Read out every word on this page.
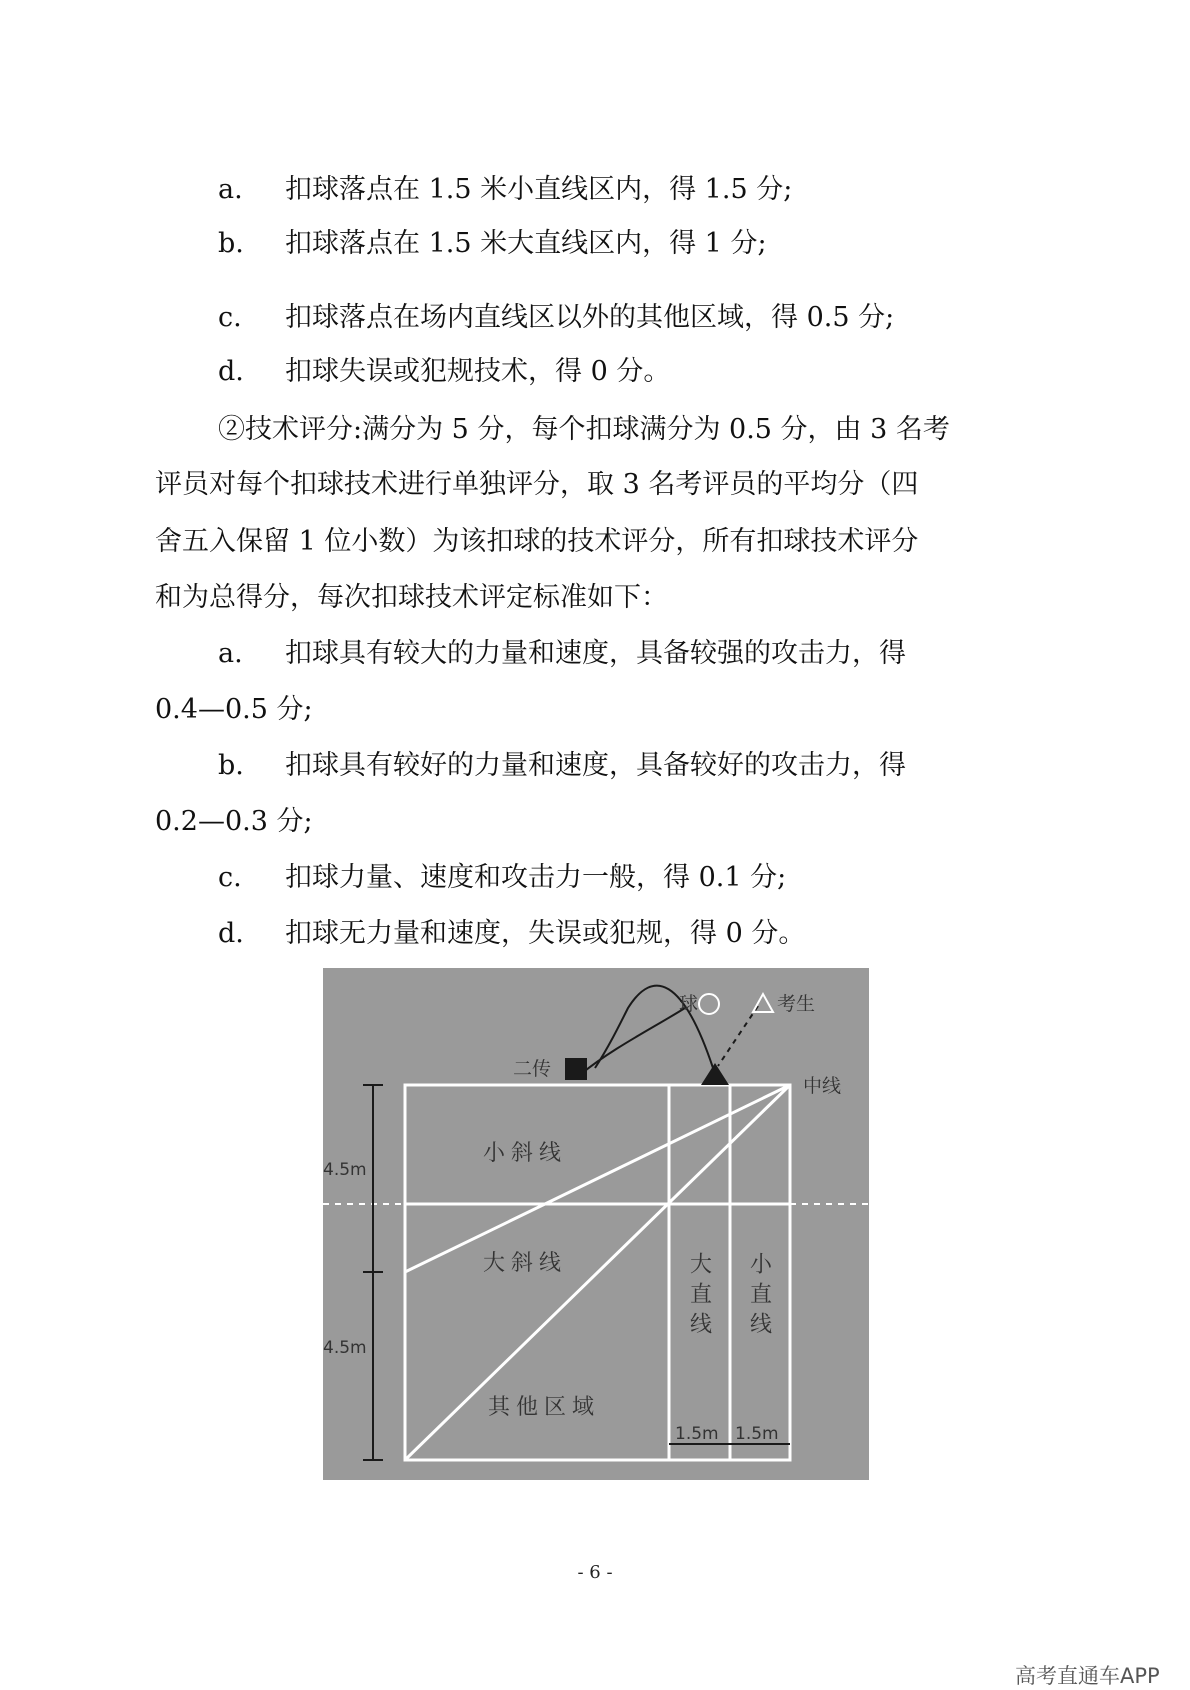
a. 扣球落点在 1.5 米小直线区内，得 1.5 分;
b. 扣球落点在 1.5 米大直线区内，得 1 分;
c. 扣球落点在场内直线区以外的其他区域，得 0.5 分;
d. 扣球失误或犯规技术，得 0 分。
②技术评分:满分为 5 分，每个扣球满分为 0.5 分，由 3 名考
评员对每个扣球技术进行单独评分，取 3 名考评员的平均分（四
舍五入保留 1 位小数）为该扣球的技术评分，所有扣球技术评分
和为总得分，每次扣球技术评定标准如下：
a. 扣球具有较大的力量和速度，具备较强的攻击力，得
0.4—0.5 分;
b. 扣球具有较好的力量和速度，具备较好的攻击力，得
0.2—0.3 分;
c. 扣球力量、速度和攻击力一般，得 0.1 分;
d. 扣球无力量和速度，失误或犯规，得 0 分。
球	考生
二传
中线
小斜线
大斜线
其他区域
大直线 小直线
4.5m
4.5m
1.5m 1.5m
- 6 -
高考直通车APP
